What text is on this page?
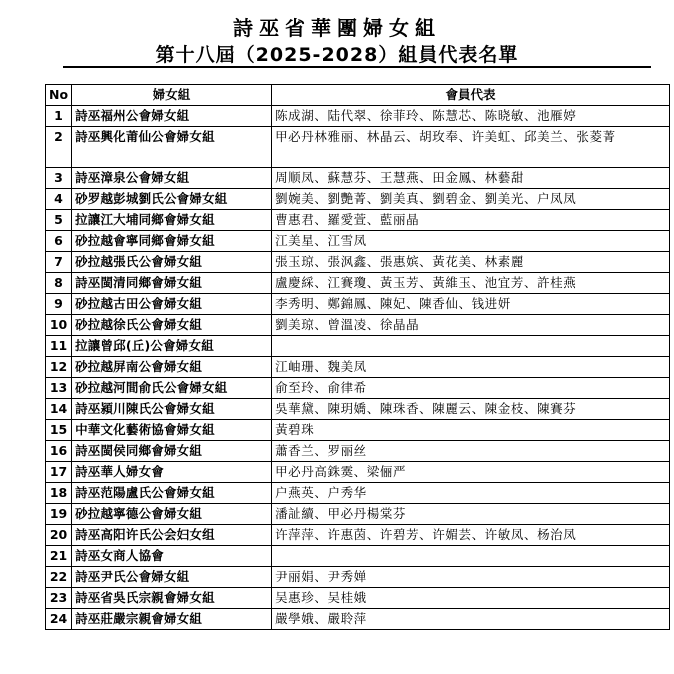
詩巫省華團婦女組
第十八屆（2025-2028）組員代表名單
No	婦女組	會員代表
1	詩巫福州公會婦女組	陈成湖、陆代翠、徐菲玲、陈慧芯、陈晓敏、池雁婷
2	詩巫興化莆仙公會婦女組	甲必丹林雅丽、林晶云、胡玫奉、许美虹、邱美兰、张菱菁
3	詩巫漳泉公會婦女組	周顺凤、蘇慧芬、王慧燕、田金鳳、林藝甜
4	砂罗越彭城劉氏公會婦女組	劉婉美、劉艷菁、劉美真、劉碧金、劉美光、户凤凤
5	拉讓江大埔同鄉會婦女組	曹惠君、羅愛萱、藍丽晶
6	砂拉越會寧同鄉會婦女組	江美星、江雪凤
7	砂拉越張氏公會婦女組	張玉琼、張沨鑫、張惠嫔、黃花美、林素麗
8	詩巫閩清同鄉會婦女組	盧慶綵、江賽瓊、黃玉芳、黃維玉、池宜芳、許桂燕
9	砂拉越古田公會婦女組	李秀明、鄭錦鳳、陳妃、陳香仙、钱进妍
10	砂拉越徐氏公會婦女組	劉美琼、曾溫凌、徐晶晶
11	拉讓曾邱(丘)公會婦女組	
12	砂拉越屏南公會婦女組	江岫珊、魏美凤
13	砂拉越河間俞氏公會婦女組	俞至玲、俞律希
14	詩巫潁川陳氏公會婦女組	吳華黛、陳玥嬌、陳珠香、陳麗云、陳金枝、陳賽芬
15	中華文化藝術協會婦女組	黃碧珠
16	詩巫閩侯同鄉會婦女組	蕭香兰、罗丽丝
17	詩巫華人婦女會	甲必丹高銖霙、梁俪严
18	詩巫范陽盧氏公會婦女組	户燕英、户秀华
19	砂拉越寧德公會婦女組	潘訨續、甲必丹楊棠芬
20	詩巫高阳许氏公会妇女组	许萍萍、许惠茵、许碧芳、许媚芸、许敏凤、杨治凤
21	詩巫女商人協會	
22	詩巫尹氏公會婦女組	尹丽娟、尹秀婵
23	詩巫省吳氏宗親會婦女組	吴惠珍、吴桂娥
24	詩巫莊嚴宗親會婦女組	嚴學娥、嚴聆萍
